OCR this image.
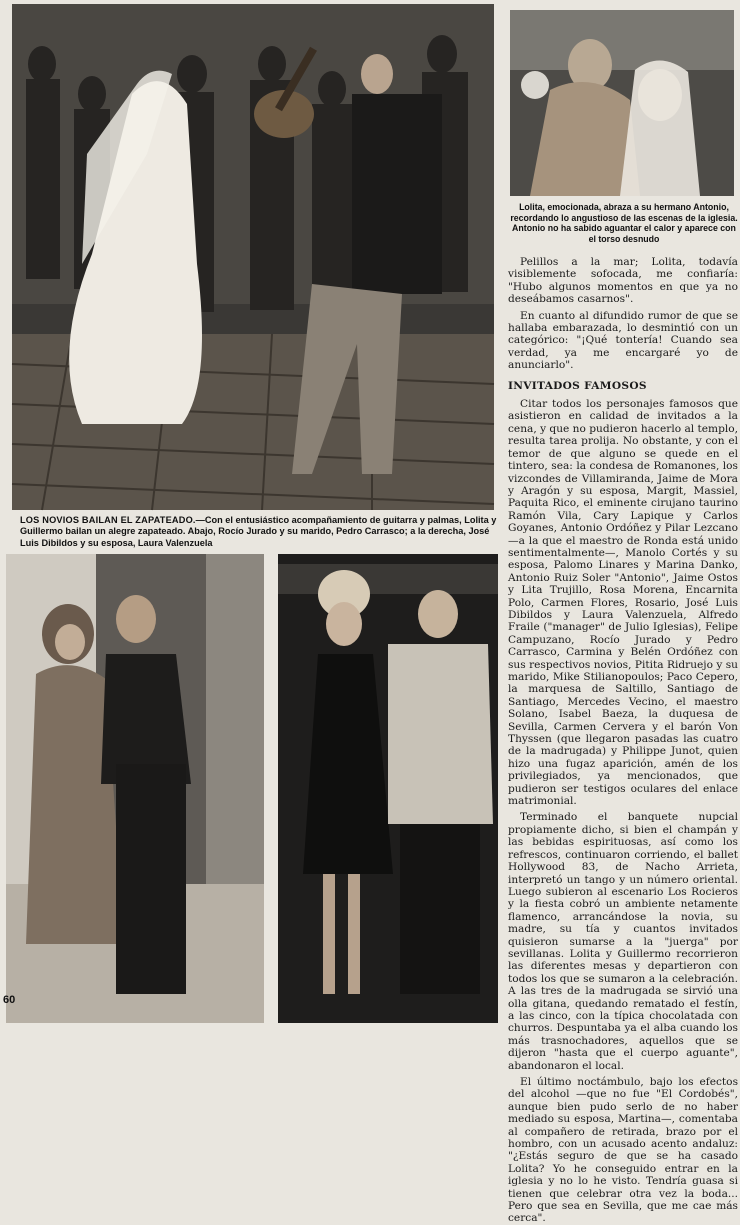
Lolita, emocionada, abraza a su hermano Antonio, recordando lo angustioso de las escenas de la iglesia. Antonio no ha sabido aguantar el calor y aparece con el torso desnudo
LOS NOVIOS BAILAN EL ZAPATEADO.—Con el entusiástico acompañamiento de guitarra y palmas, Lolita y Guillermo bailan un alegre zapateado. Abajo, Rocío Jurado y su marido, Pedro Carrasco; a la derecha, José Luis Dibildos y su esposa, Laura Valenzuela

Pelillos a la mar; Lolita, todavía visiblemente sofocada, me confiaría: "Hubo algunos momentos en que ya no deseábamos casarnos".

En cuanto al difundido rumor de que se hallaba embarazada, lo desmintió con un categórico: "¡Qué tontería! Cuando sea verdad, ya me encargaré yo de anunciarlo".

INVITADOS FAMOSOS

Citar todos los personajes famosos que asistieron en calidad de invitados a la cena, y que no pudieron hacerlo al templo, resulta tarea prolija. No obstante, y con el temor de que alguno se quede en el tintero, sea: la condesa de Romanones, los vizcondes de Villamiranda, Jaime de Mora y Aragón y su esposa, Margit, Massiel, Paquita Rico, el eminente cirujano taurino Ramón Vila, Cary Lapique y Carlos Goyanes, Antonio Ordóñez y Pilar Lezcano —a la que el maestro de Ronda está unido sentimentalmente—, Manolo Cortés y su esposa, Palomo Linares y Marina Danko, Antonio Ruiz Soler "Antonio", Jaime Ostos y Lita Trujillo, Rosa Morena, Encarnita Polo, Carmen Flores, Rosario, José Luis Dibildos y Laura Valenzuela, Alfredo Fraile ("manager" de Julio Iglesias), Felipe Campuzano, Rocío Jurado y Pedro Carrasco, Carmina y Belén Ordóñez con sus respectivos novios, Pitita Ridruejo y su marido, Mike Stilianopoulos; Paco Cepero, la marquesa de Saltillo, Santiago de Santiago, Mercedes Vecino, el maestro Solano, Isabel Baeza, la duquesa de Sevilla, Carmen Cervera y el barón Von Thyssen (que llegaron pasadas las cuatro de la madrugada) y Philippe Junot, quien hizo una fugaz aparición, amén de los privilegiados, ya mencionados, que pudieron ser testigos oculares del enlace matrimonial.

Terminado el banquete nupcial propiamente dicho, si bien el champán y las bebidas espirituosas, así como los refrescos, continuaron corriendo, el ballet Hollywood 83, de Nacho Arrieta, interpretó un tango y un número oriental. Luego subieron al escenario Los Rocieros y la fiesta cobró un ambiente netamente flamenco, arrancándose la novia, su madre, su tía y cuantos invitados quisieron sumarse a la "juerga" por sevillanas. Lolita y Guillermo recorrieron las diferentes mesas y departieron con todos los que se sumaron a la celebración. A las tres de la madrugada se sirvió una olla gitana, quedando rematado el festín, a las cinco, con la típica chocolatada con churros. Despuntaba ya el alba cuando los más trasnochadores, aquellos que se dijeron "hasta que el cuerpo aguante", abandonaron el local.

El último noctámbulo, bajo los efectos del alcohol —que no fue "El Cordobés", aunque bien pudo serlo de no haber mediado su esposa, Martina—, comentaba al compañero de retirada, brazo por el hombro, con un acusado acento andaluz: "¿Estás seguro de que se ha casado Lolita? Yo he conseguido entrar en la iglesia y no lo he visto. Tendría guasa si tienen que celebrar otra vez la boda... Pero que sea en Sevilla, que me cae más cerca".

60
